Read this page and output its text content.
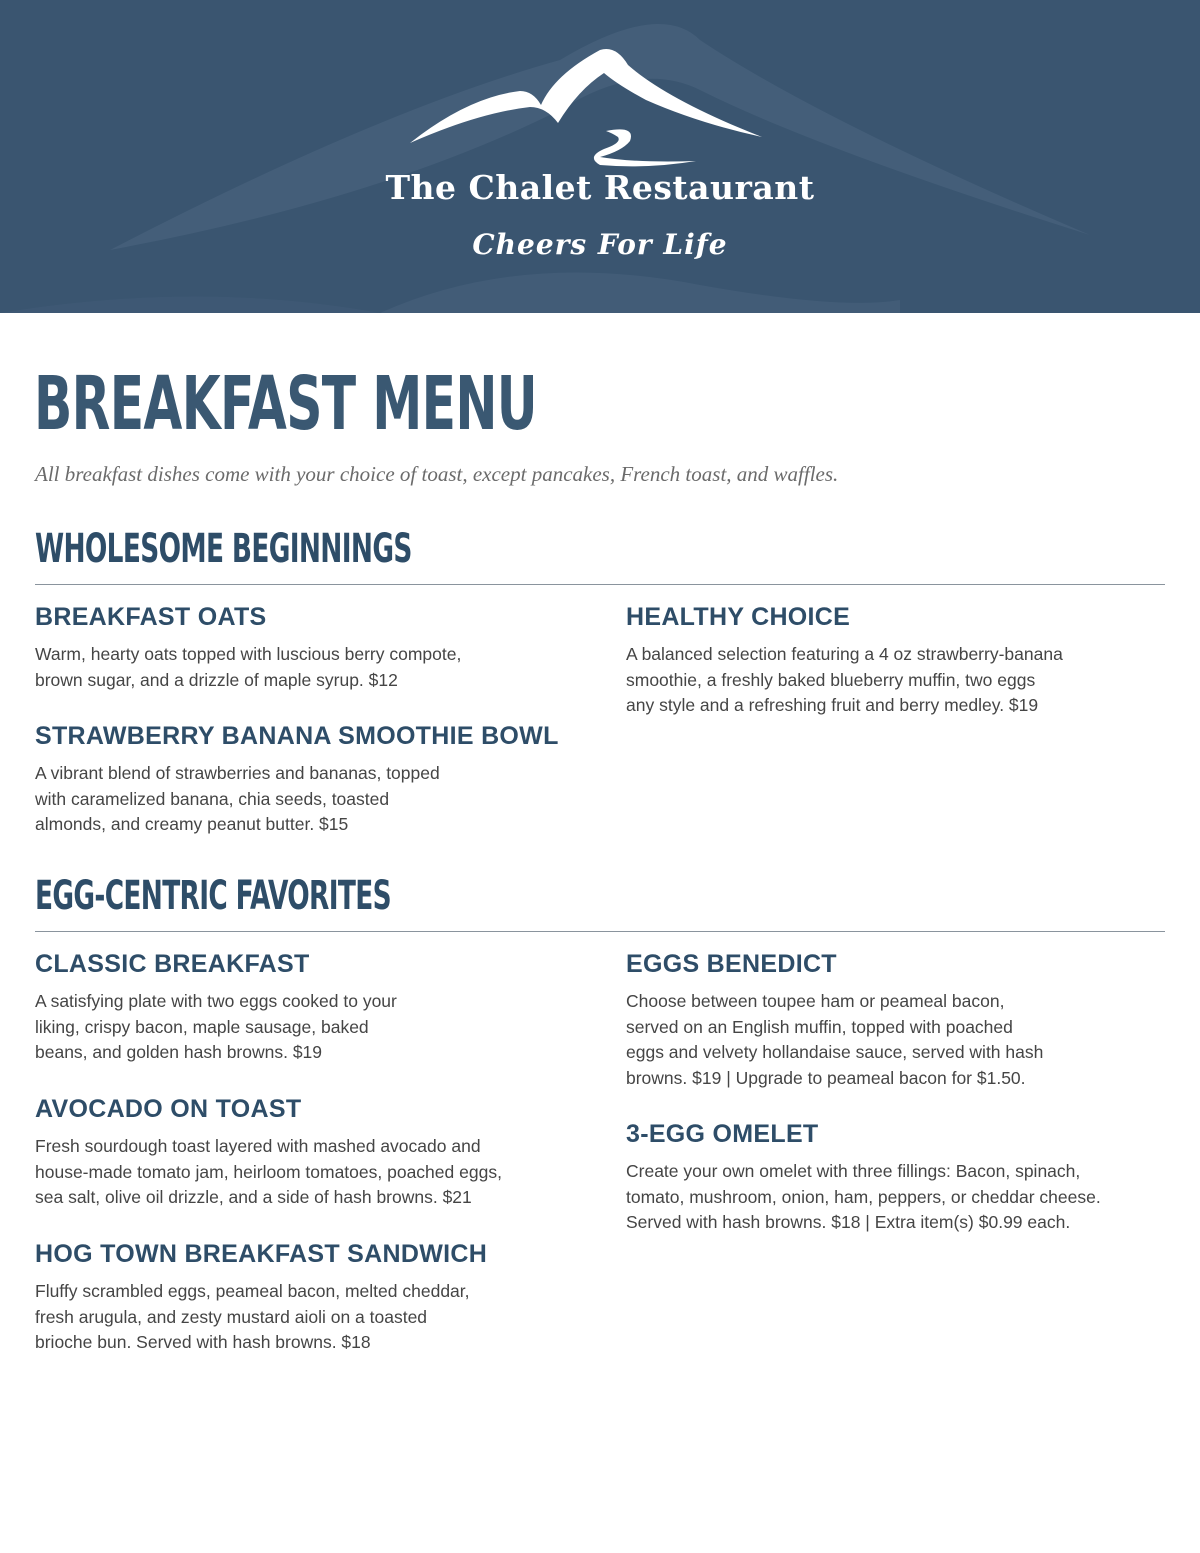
The Chalet Restaurant
Cheers For Life
BREAKFAST MENU
All breakfast dishes come with your choice of toast, except pancakes, French toast, and waffles.
WHOLESOME BEGINNINGS
BREAKFAST OATS

Warm, hearty oats topped with luscious berry compote,
brown sugar, and a drizzle of maple syrup. $12

HEALTHY CHOICE

A balanced selection featuring a 4 oz strawberry-banana
smoothie, a freshly baked blueberry muffin, two eggs
any style and a refreshing fruit and berry medley. $19

STRAWBERRY BANANA SMOOTHIE BOWL

A vibrant blend of strawberries and bananas, topped
with caramelized banana, chia seeds, toasted
almonds, and creamy peanut butter. $15

EGG-CENTRIC FAVORITES
CLASSIC BREAKFAST

A satisfying plate with two eggs cooked to your
liking, crispy bacon, maple sausage, baked
beans, and golden hash browns. $19

EGGS BENEDICT

Choose between toupee ham or peameal bacon,
served on an English muffin, topped with poached
eggs and velvety hollandaise sauce, served with hash
browns. $19 | Upgrade to peameal bacon for $1.50.

AVOCADO ON TOAST

Fresh sourdough toast layered with mashed avocado and
house-made tomato jam, heirloom tomatoes, poached eggs,
sea salt, olive oil drizzle, and a side of hash browns. $21

3-EGG OMELET

Create your own omelet with three fillings: Bacon, spinach,
tomato, mushroom, onion, ham, peppers, or cheddar cheese.
Served with hash browns. $18 | Extra item(s) $0.99 each.

HOG TOWN BREAKFAST SANDWICH

Fluffy scrambled eggs, peameal bacon, melted cheddar,
fresh arugula, and zesty mustard aioli on a toasted
brioche bun. Served with hash browns. $18
